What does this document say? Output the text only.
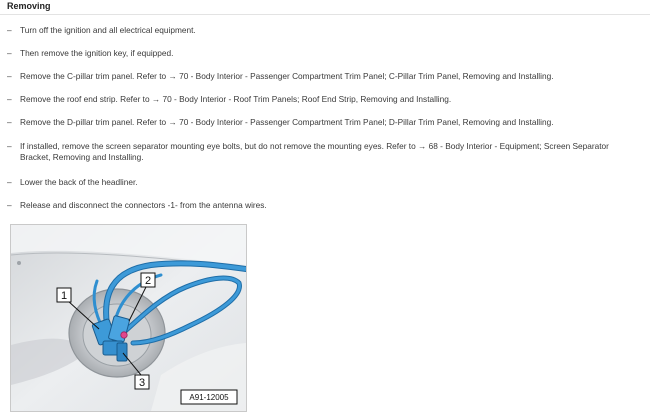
Removing
–	Turn off the ignition and all electrical equipment.
–	Then remove the ignition key, if equipped.
–	Remove the C-pillar trim panel. Refer to → 70 - Body Interior - Passenger Compartment Trim Panel; C-Pillar Trim Panel, Removing and Installing.
–	Remove the roof end strip. Refer to → 70 - Body Interior - Roof Trim Panels; Roof End Strip, Removing and Installing.
–	Remove the D-pillar trim panel. Refer to → 70 - Body Interior - Passenger Compartment Trim Panel; D-Pillar Trim Panel, Removing and Installing.
–	If installed, remove the screen separator mounting eye bolts, but do not remove the mounting eyes. Refer to → 68 - Body Interior - Equipment; Screen Separator Bracket, Removing and Installing.
–	Lower the back of the headliner.
–	Release and disconnect the connectors -1- from the antenna wires.
1
2
3
A91-12005
